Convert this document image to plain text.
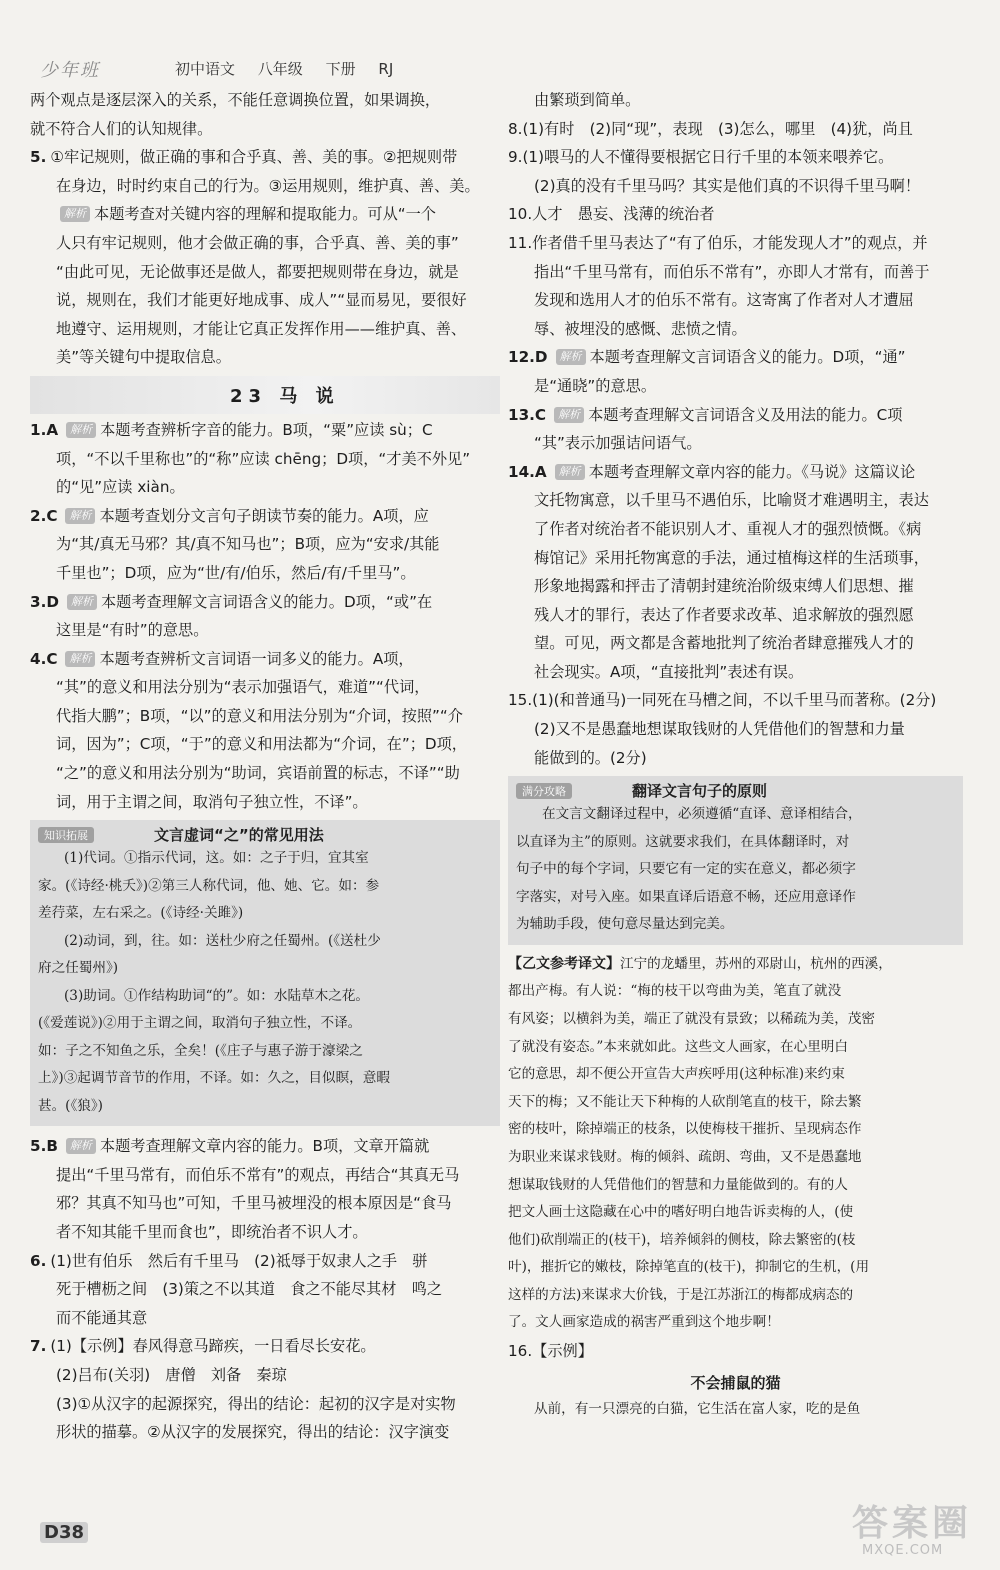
少年班	初中语文 八年级 下册 RJ

两个观点是逐层深入的关系，不能任意调换位置，如果调换，

就不符合人们的认知规律。

5. ①牢记规则，做正确的事和合乎真、善、美的事。②把规则带

在身边，时时约束自己的行为。③运用规则，维护真、善、美。

解析 本题考查对关键内容的理解和提取能力。可从“一个

人只有牢记规则，他才会做正确的事，合乎真、善、美的事”

“由此可见，无论做事还是做人，都要把规则带在身边，就是

说，规则在，我们才能更好地成事、成人”“显而易见，要很好

地遵守、运用规则，才能让它真正发挥作用——维护真、善、

美”等关键句中提取信息。

23 马 说

1.A 解析 本题考查辨析字音的能力。B项，“粟”应读 sù；C

项，“不以千里称也”的“称”应读 chēng；D项，“才美不外见”

的“见”应读 xiàn。

2.C 解析 本题考查划分文言句子朗读节奏的能力。A项，应

为“其/真无马邪？其/真不知马也”；B项，应为“安求/其能

千里也”；D项，应为“世/有/伯乐，然后/有/千里马”。

3.D 解析 本题考查理解文言词语含义的能力。D项，“或”在

这里是“有时”的意思。

4.C 解析 本题考查辨析文言词语一词多义的能力。A项，

“其”的意义和用法分别为“表示加强语气，难道”“代词，

代指大鹏”；B项，“以”的意义和用法分别为“介词，按照”“介

词，因为”；C项，“于”的意义和用法都为“介词，在”；D项，

“之”的意义和用法分别为“助词，宾语前置的标志，不译”“助

词，用于主谓之间，取消句子独立性，不译”。

知识拓展	文言虚词“之”的常见用法

(1)代词。①指示代词，这。如：之子于归，宜其室

家。(《诗经·桃夭》)②第三人称代词，他、她、它。如：参

差荇菜，左右采之。(《诗经·关雎》)

(2)动词，到，往。如：送杜少府之任蜀州。(《送杜少

府之任蜀州》)

(3)助词。①作结构助词“的”。如：水陆草木之花。

(《爱莲说》)②用于主谓之间，取消句子独立性，不译。

如：子之不知鱼之乐，全矣！(《庄子与惠子游于濠梁之

上》)③起调节音节的作用，不译。如：久之，目似瞑，意暇

甚。(《狼》)

5.B 解析 本题考查理解文章内容的能力。B项，文章开篇就

提出“千里马常有，而伯乐不常有”的观点，再结合“其真无马

邪？其真不知马也”可知，千里马被埋没的根本原因是“食马

者不知其能千里而食也”，即统治者不识人才。

6. (1)世有伯乐　然后有千里马　(2)祗辱于奴隶人之手　骈

死于槽枥之间　(3)策之不以其道　食之不能尽其材　鸣之

而不能通其意

7. (1)【示例】春风得意马蹄疾，一日看尽长安花。

(2)吕布(关羽)　唐僧　刘备　秦琼

(3)①从汉字的起源探究，得出的结论：起初的汉字是对实物

形状的描摹。②从汉字的发展探究，得出的结论：汉字演变

由繁琐到简单。

8.(1)有时　(2)同“现”，表现　(3)怎么，哪里　(4)犹，尚且

9.(1)喂马的人不懂得要根据它日行千里的本领来喂养它。

(2)真的没有千里马吗？其实是他们真的不识得千里马啊！

10.人才　愚妄、浅薄的统治者

11.作者借千里马表达了“有了伯乐，才能发现人才”的观点，并

指出“千里马常有，而伯乐不常有”，亦即人才常有，而善于

发现和选用人才的伯乐不常有。这寄寓了作者对人才遭屈

辱、被埋没的感慨、悲愤之情。

12.D 解析 本题考查理解文言词语含义的能力。D项，“通”

是“通晓”的意思。

13.C 解析 本题考查理解文言词语含义及用法的能力。C项

“其”表示加强诘问语气。

14.A 解析 本题考查理解文章内容的能力。《马说》这篇议论

文托物寓意，以千里马不遇伯乐，比喻贤才难遇明主，表达

了作者对统治者不能识别人才、重视人才的强烈愤慨。《病

梅馆记》采用托物寓意的手法，通过植梅这样的生活琐事，

形象地揭露和抨击了清朝封建统治阶级束缚人们思想、摧

残人才的罪行，表达了作者要求改革、追求解放的强烈愿

望。可见，两文都是含蓄地批判了统治者肆意摧残人才的

社会现实。A项，“直接批判”表述有误。

15.(1)(和普通马)一同死在马槽之间，不以千里马而著称。(2分)

(2)又不是愚蠢地想谋取钱财的人凭借他们的智慧和力量

能做到的。(2分)

满分攻略	翻译文言句子的原则

在文言文翻译过程中，必须遵循“直译、意译相结合，

以直译为主”的原则。这就要求我们，在具体翻译时，对

句子中的每个字词，只要它有一定的实在意义，都必须字

字落实，对号入座。如果直译后语意不畅，还应用意译作

为辅助手段，使句意尽量达到完美。

【乙文参考译文】江宁的龙蟠里，苏州的邓尉山，杭州的西溪，

都出产梅。有人说：“梅的枝干以弯曲为美，笔直了就没

有风姿；以横斜为美，端正了就没有景致；以稀疏为美，茂密

了就没有姿态。”本来就如此。这些文人画家，在心里明白

它的意思，却不便公开宣告大声疾呼用(这种标准)来约束

天下的梅；又不能让天下种梅的人砍削笔直的枝干，除去繁

密的枝叶，除掉端正的枝条，以使梅枝干摧折、呈现病态作

为职业来谋求钱财。梅的倾斜、疏朗、弯曲，又不是愚蠢地

想谋取钱财的人凭借他们的智慧和力量能做到的。有的人

把文人画士这隐藏在心中的嗜好明白地告诉卖梅的人，(使

他们)砍削端正的(枝干)，培养倾斜的侧枝，除去繁密的(枝

叶)，摧折它的嫩枝，除掉笔直的(枝干)，抑制它的生机，(用

这样的方法)来谋求大价钱，于是江苏浙江的梅都成病态的

了。文人画家造成的祸害严重到这个地步啊！

16.【示例】

不会捕鼠的猫

从前，有一只漂亮的白猫，它生活在富人家，吃的是鱼

D38	答案圈
MXQE.COM
